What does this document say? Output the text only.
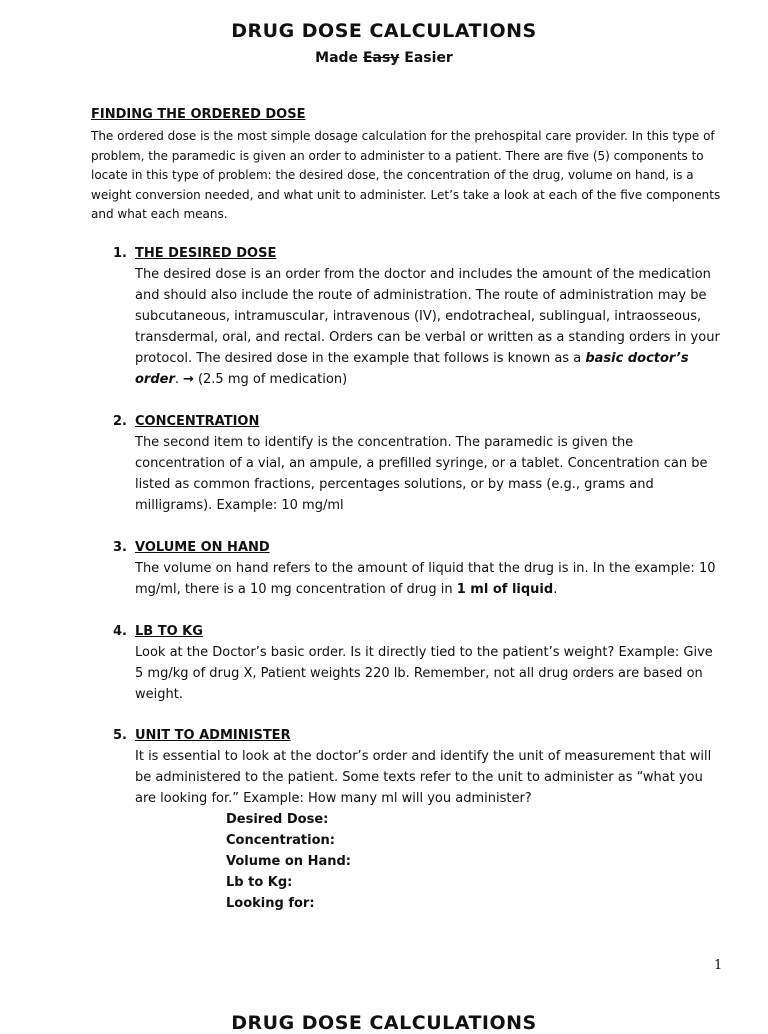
DRUG DOSE CALCULATIONS
Made Easy Easier
FINDING THE ORDERED DOSE
The ordered dose is the most simple dosage calculation for the prehospital care provider. In this type of problem, the paramedic is given an order to administer to a patient. There are five (5) components to locate in this type of problem: the desired dose, the concentration of the drug, volume on hand, is a weight conversion needed, and what unit to administer. Let’s take a look at each of the five components and what each means.
1. THE DESIRED DOSE
The desired dose is an order from the doctor and includes the amount of the medication and should also include the route of administration. The route of administration may be subcutaneous, intramuscular, intravenous (IV), endotracheal, sublingual, intraosseous, transdermal, oral, and rectal. Orders can be verbal or written as a standing orders in your protocol. The desired dose in the example that follows is known as a basic doctor’s order. → (2.5 mg of medication)
2. CONCENTRATION
The second item to identify is the concentration. The paramedic is given the concentration of a vial, an ampule, a prefilled syringe, or a tablet. Concentration can be listed as common fractions, percentages solutions, or by mass (e.g., grams and milligrams). Example: 10 mg/ml
3. VOLUME ON HAND
The volume on hand refers to the amount of liquid that the drug is in. In the example: 10 mg/ml, there is a 10 mg concentration of drug in 1 ml of liquid.
4. LB TO KG
Look at the Doctor’s basic order. Is it directly tied to the patient’s weight? Example: Give 5 mg/kg of drug X, Patient weights 220 lb. Remember, not all drug orders are based on weight.
5. UNIT TO ADMINISTER
It is essential to look at the doctor’s order and identify the unit of measurement that will be administered to the patient. Some texts refer to the unit to administer as “what you are looking for.” Example: How many ml will you administer?
Desired Dose:
Concentration:
Volume on Hand:
Lb to Kg:
Looking for:
1
DRUG DOSE CALCULATIONS
